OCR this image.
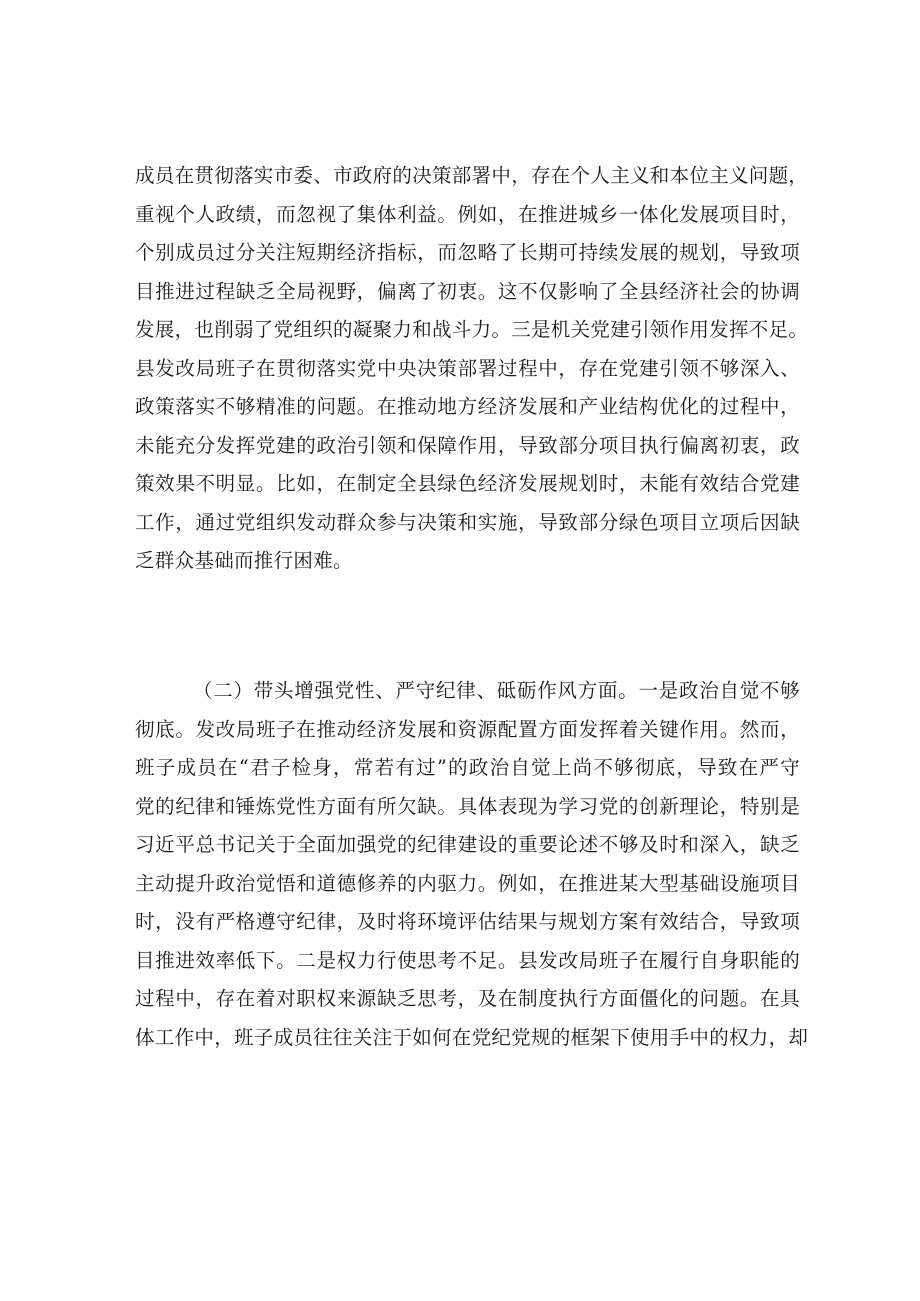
成员在贯彻落实市委、市政府的决策部署中，存在个人主义和本位主义问题，
重视个人政绩，而忽视了集体利益。例如，在推进城乡一体化发展项目时，
个别成员过分关注短期经济指标，而忽略了长期可持续发展的规划，导致项
目推进过程缺乏全局视野，偏离了初衷。这不仅影响了全县经济社会的协调
发展，也削弱了党组织的凝聚力和战斗力。三是机关党建引领作用发挥不足。
县发改局班子在贯彻落实党中央决策部署过程中，存在党建引领不够深入、
政策落实不够精准的问题。在推动地方经济发展和产业结构优化的过程中，
未能充分发挥党建的政治引领和保障作用，导致部分项目执行偏离初衷，政
策效果不明显。比如，在制定全县绿色经济发展规划时，未能有效结合党建
工作，通过党组织发动群众参与决策和实施，导致部分绿色项目立项后因缺
乏群众基础而推行困难。
（二）带头增强党性、严守纪律、砥砺作风方面。一是政治自觉不够
彻底。发改局班子在推动经济发展和资源配置方面发挥着关键作用。然而，
班子成员在“君子检身，常若有过”的政治自觉上尚不够彻底，导致在严守
党的纪律和锤炼党性方面有所欠缺。具体表现为学习党的创新理论，特别是
习近平总书记关于全面加强党的纪律建设的重要论述不够及时和深入，缺乏
主动提升政治觉悟和道德修养的内驱力。例如，在推进某大型基础设施项目
时，没有严格遵守纪律，及时将环境评估结果与规划方案有效结合，导致项
目推进效率低下。二是权力行使思考不足。县发改局班子在履行自身职能的
过程中，存在着对职权来源缺乏思考，及在制度执行方面僵化的问题。在具
体工作中，班子成员往往关注于如何在党纪党规的框架下使用手中的权力，却
